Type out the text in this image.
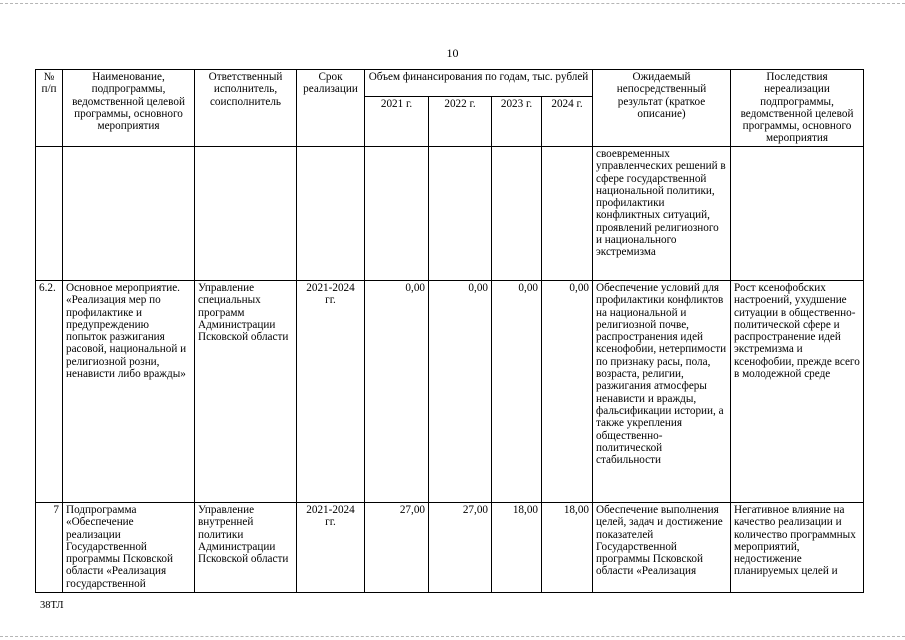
10
№ п/п	Наименование, подпрограммы, ведомственной целевой программы, основного мероприятия	Ответственный исполнитель, соисполнитель	Срок реализации	Объем финансирования по годам, тыс. рублей				Ожидаемый непосредственный результат (краткое описание)	Последствия нереализации подпрограммы, ведомственной целевой программы, основного мероприятия
				2021 г.	2022 г.	2023 г.	2024 г.		
								своевременных управленческих решений в сфере государственной национальной политики, профилактики конфликтных ситуаций, проявлений религиозного и национального экстремизма	
6.2.	Основное мероприятие. «Реализация мер по профилактике и предупреждению попыток разжигания расовой, национальной и религиозной розни, ненависти либо вражды»	Управление специальных программ Администрации Псковской области	2021-2024 гг.	0,00	0,00	0,00	0,00	Обеспечение условий для профилактики конфликтов на национальной и религиозной почве, распространения идей ксенофобии, нетерпимости по признаку расы, пола, возраста, религии, разжигания атмосферы ненависти и вражды, фальсификации истории, а также укрепления общественно-политической стабильности	Рост ксенофобских настроений, ухудшение ситуации в общественно-политической сфере и распространение идей экстремизма и ксенофобии, прежде всего в молодежной среде
7	Подпрограмма «Обеспечение реализации Государственной программы Псковской области «Реализация государственной	Управление внутренней политики Администрации Псковской области	2021-2024 гг.	27,00	27,00	18,00	18,00	Обеспечение выполнения целей, задач и достижение показателей Государственной программы Псковской области «Реализация	Негативное влияние на качество реализации и количество программных мероприятий, недостижение планируемых целей и
38ТЛ
